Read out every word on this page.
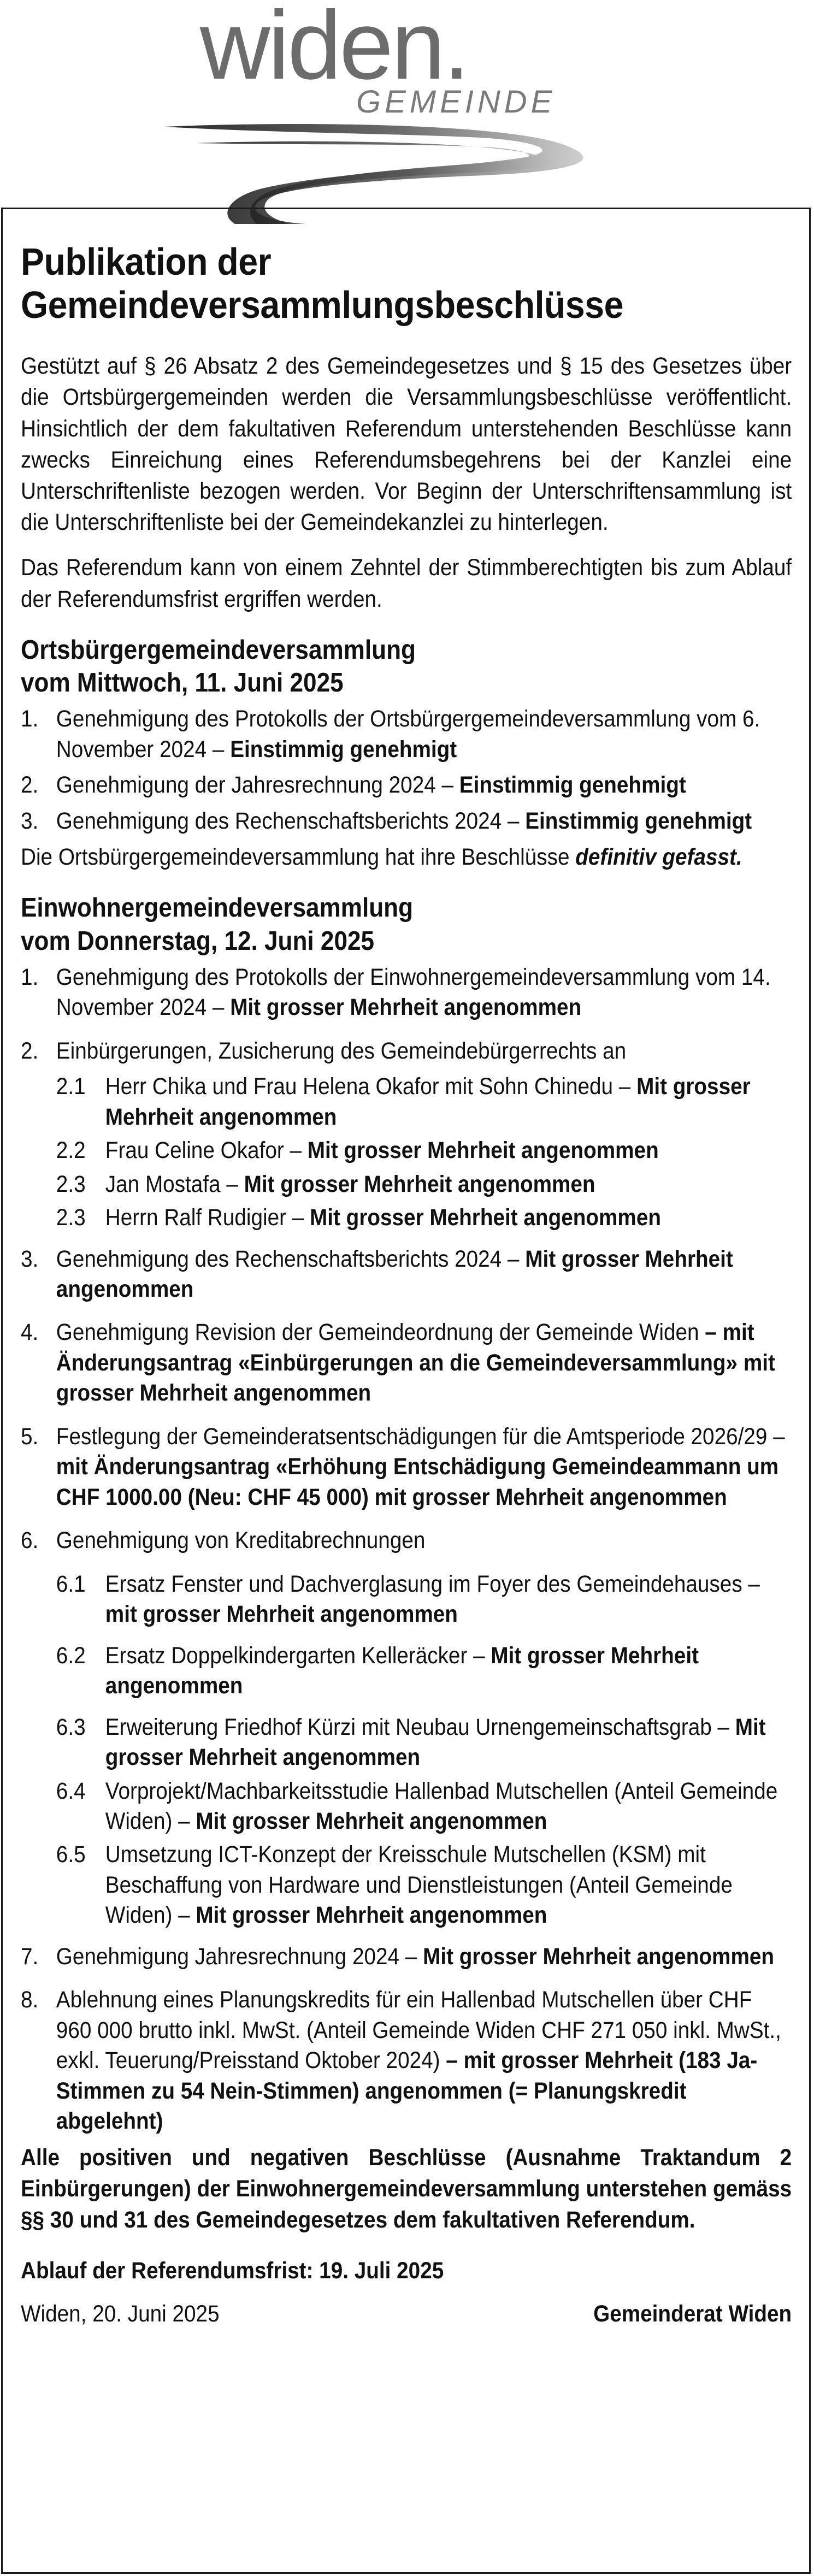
widen.
GEMEINDE
Publikation der
Gemeindeversammlungsbeschlüsse

Gestützt auf § 26 Absatz 2 des Gemeindegesetzes und § 15 des Gesetzes über die Ortsbürgergemeinden werden die Versammlungsbeschlüsse veröffentlicht. Hinsichtlich der dem fakultativen Referendum unterstehenden Beschlüsse kann zwecks Einreichung eines Referendumsbegehrens bei der Kanzlei eine Unterschriftenliste bezogen werden. Vor Beginn der Unterschriftensammlung ist die Unterschriftenliste bei der Gemeindekanzlei zu hinterlegen.

Das Referendum kann von einem Zehntel der Stimmberechtigten bis zum Ablauf der Referendumsfrist ergriffen werden.

Ortsbürgergemeindeversammlung
vom Mittwoch, 11. Juni 2025
1. Genehmigung des Protokolls der Ortsbürgergemeindeversammlung vom 6. November 2024 – Einstimmig genehmigt
2. Genehmigung der Jahresrechnung 2024 – Einstimmig genehmigt
3. Genehmigung des Rechenschaftsberichts 2024 – Einstimmig genehmigt

Die Ortsbürgergemeindeversammlung hat ihre Beschlüsse definitiv gefasst.

Einwohnergemeindeversammlung
vom Donnerstag, 12. Juni 2025
1. Genehmigung des Protokolls der Einwohnergemeindeversammlung vom 14. November 2024 – Mit grosser Mehrheit angenommen
2. Einbürgerungen, Zusicherung des Gemeindebürgerrechts an
2.1 Herr Chika und Frau Helena Okafor mit Sohn Chinedu – Mit grosser Mehrheit angenommen
2.2 Frau Celine Okafor – Mit grosser Mehrheit angenommen
2.3 Jan Mostafa – Mit grosser Mehrheit angenommen
2.3 Herrn Ralf Rudigier – Mit grosser Mehrheit angenommen
3. Genehmigung des Rechenschaftsberichts 2024 – Mit grosser Mehrheit angenommen
4. Genehmigung Revision der Gemeindeordnung der Gemeinde Widen – mit Änderungsantrag «Einbürgerungen an die Gemeindeversammlung» mit grosser Mehrheit angenommen
5. Festlegung der Gemeinderatsentschädigungen für die Amtsperiode 2026/29 – mit Änderungsantrag «Erhöhung Entschädigung Gemeindeammann um CHF 1000.00 (Neu: CHF 45 000) mit grosser Mehrheit angenommen
6. Genehmigung von Kreditabrechnungen
6.1 Ersatz Fenster und Dachverglasung im Foyer des Gemeindehauses – mit grosser Mehrheit angenommen
6.2 Ersatz Doppelkindergarten Kelleräcker – Mit grosser Mehrheit angenommen
6.3 Erweiterung Friedhof Kürzi mit Neubau Urnengemeinschaftsgrab – Mit grosser Mehrheit angenommen
6.4 Vorprojekt/Machbarkeitsstudie Hallenbad Mutschellen (Anteil Gemeinde Widen) – Mit grosser Mehrheit angenommen
6.5 Umsetzung ICT-Konzept der Kreisschule Mutschellen (KSM) mit Beschaffung von Hardware und Dienstleistungen (Anteil Gemeinde Widen) – Mit grosser Mehrheit angenommen
7. Genehmigung Jahresrechnung 2024 – Mit grosser Mehrheit angenommen
8. Ablehnung eines Planungskredits für ein Hallenbad Mutschellen über CHF 960 000 brutto inkl. MwSt. (Anteil Gemeinde Widen CHF 271 050 inkl. MwSt., exkl. Teuerung/Preisstand Oktober 2024) – mit grosser Mehrheit (183 Ja-Stimmen zu 54 Nein-Stimmen) angenommen (= Planungskredit abgelehnt)

Alle positiven und negativen Beschlüsse (Ausnahme Traktandum 2 Einbürgerungen) der Einwohnergemeindeversammlung unterstehen gemäss §§ 30 und 31 des Gemeindegesetzes dem fakultativen Referendum.

Ablauf der Referendumsfrist: 19. Juli 2025

Widen, 20. Juni 2025	Gemeinderat Widen
